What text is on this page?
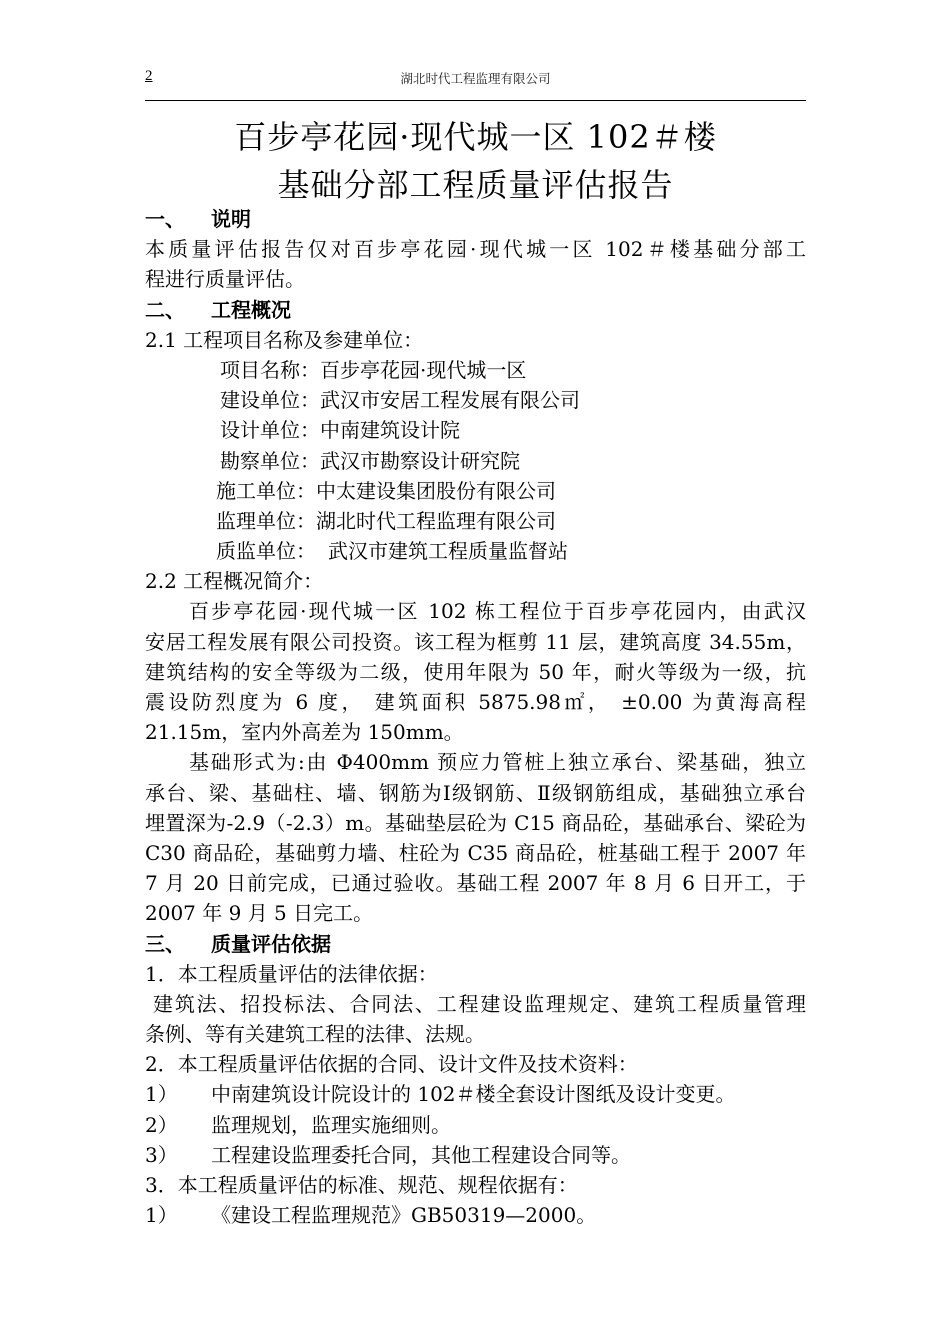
2	湖北时代工程监理有限公司
百步亭花园·现代城一区 102＃楼
基础分部工程质量评估报告
一、 说明
本质量评估报告仅对百步亭花园·现代城一区 102＃楼基础分部工
程进行质量评估。
二、 工程概况
2.1 工程项目名称及参建单位：
项目名称：百步亭花园·现代城一区
建设单位：武汉市安居工程发展有限公司
设计单位：中南建筑设计院
勘察单位：武汉市勘察设计研究院
施工单位：中太建设集团股份有限公司
监理单位：湖北时代工程监理有限公司
质监单位： 武汉市建筑工程质量监督站
2.2 工程概况简介：
百步亭花园·现代城一区 102 栋工程位于百步亭花园内，由武汉
安居工程发展有限公司投资。该工程为框剪 11 层，建筑高度 34.55m，
建筑结构的安全等级为二级，使用年限为 50 年，耐火等级为一级，抗
震设防烈度为 6 度， 建筑面积 5875.98㎡， ±0.00 为黄海高程
21.15m，室内外高差为 150mm。
基础形式为:由 Φ400mm 预应力管桩上独立承台、梁基础，独立
承台、梁、基础柱、墙、钢筋为Ⅰ级钢筋、Ⅱ级钢筋组成，基础独立承台
埋置深为-2.9（-2.3）m。基础垫层砼为 C15 商品砼，基础承台、梁砼为
C30 商品砼，基础剪力墙、柱砼为 C35 商品砼，桩基础工程于 2007 年
7 月 20 日前完成，已通过验收。基础工程 2007 年 8 月 6 日开工，于
2007 年 9 月 5 日完工。
三、 质量评估依据
1．本工程质量评估的法律依据：
建筑法、招投标法、合同法、工程建设监理规定、建筑工程质量管理
条例、等有关建筑工程的法律、法规。
2．本工程质量评估依据的合同、设计文件及技术资料：
1） 中南建筑设计院设计的 102＃楼全套设计图纸及设计变更。
2） 监理规划，监理实施细则。
3） 工程建设监理委托合同，其他工程建设合同等。
3．本工程质量评估的标准、规范、规程依据有：
1） 《建设工程监理规范》GB50319—2000。
